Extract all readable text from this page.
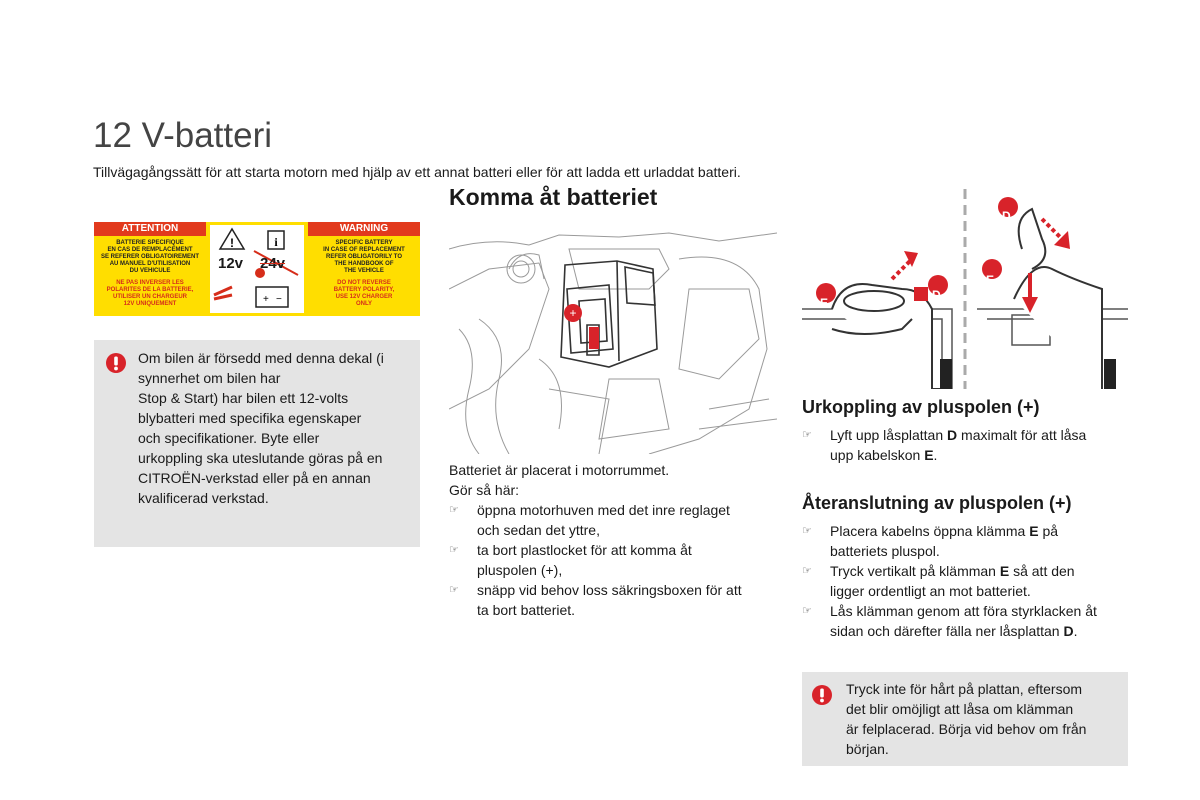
12 V-batteri
Tillvägagångssätt för att starta motorn med hjälp av ett annat batteri eller för att ladda ett urladdat batteri.
ATTENTION	WARNING
BATTERIE SPECIFIQUE
EN CAS DE REMPLACEMENT
SE REFERER OBLIGATOIREMENT
AU MANUEL D'UTILISATION
DU VEHICULE
NE PAS INVERSER LES
POLARITES DE LA BATTERIE,
UTILISER UN CHARGEUR
12V UNIQUEMENT
SPECIFIC BATTERY
IN CASE OF REPLACEMENT
REFER OBLIGATORILY TO
THE HANDBOOK OF
THE VEHICLE
DO NOT REVERSE
BATTERY POLARITY,
USE 12V CHARGER
ONLY
!	i
+ −
12v 24v
Om bilen är försedd med denna dekal (i
synnerhet om bilen har
Stop & Start) har bilen ett 12-volts
blybatteri med specifika egenskaper
och specifikationer. Byte eller
urkoppling ska uteslutande göras på en
CITROËN-verkstad eller på en annan
kvalificerad verkstad.
Komma åt batteriet
+
Batteriet är placerat i motorrummet.
Gör så här:
☞ öppna motorhuven med det inre reglaget
och sedan det yttre,
☞ ta bort plastlocket för att komma åt
pluspolen (+),
☞ snäpp vid behov loss säkringsboxen för att
ta bort batteriet.
E
D
D
E
Urkoppling av pluspolen (+)
☞ Lyft upp låsplattan D maximalt för att låsa
upp kabelskon E.
Återanslutning av pluspolen (+)
☞ Placera kabelns öppna klämma E på
batteriets pluspol.
☞ Tryck vertikalt på klämman E så att den
ligger ordentligt an mot batteriet.
☞ Lås klämman genom att föra styrklacken åt
sidan och därefter fälla ner låsplattan D.
Tryck inte för hårt på plattan, eftersom
det blir omöjligt att låsa om klämman
är felplacerad. Börja vid behov om från
början.
